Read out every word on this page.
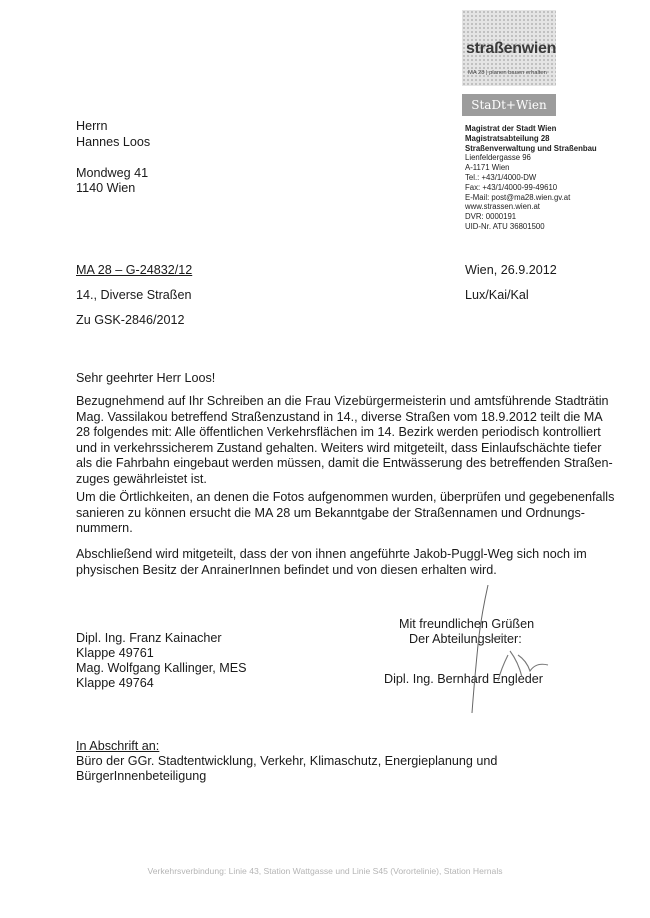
straßenwien
MA 28 | planen bauen erhalten
StaDt+Wien
Magistrat der Stadt Wien
Magistratsabteilung 28
Straßenverwaltung und Straßenbau
Lienfeldergasse 96
A-1171 Wien
Tel.: +43/1/4000-DW
Fax: +43/1/4000-99-49610
E-Mail: post@ma28.wien.gv.at
www.strassen.wien.at
DVR: 0000191
UID-Nr. ATU 36801500
Herrn
Hannes Loos
Mondweg 41
1140 Wien
MA 28 – G-24832/12
14., Diverse Straßen
Zu GSK-2846/2012
Wien, 26.9.2012
Lux/Kai/Kal
Sehr geehrter Herr Loos!
Bezugnehmend auf Ihr Schreiben an die Frau Vizebürgermeisterin und amtsführende Stadträtin
Mag. Vassilakou betreffend Straßenzustand in 14., diverse Straßen vom 18.9.2012 teilt die MA
28 folgendes mit: Alle öffentlichen Verkehrsflächen im 14. Bezirk werden periodisch kontrolliert
und in verkehrssicherem Zustand gehalten. Weiters wird mitgeteilt, dass Einlaufschächte tiefer
als die Fahrbahn eingebaut werden müssen, damit die Entwässerung des betreffenden Straßen-
zuges gewährleistet ist.
Um die Örtlichkeiten, an denen die Fotos aufgenommen wurden, überprüfen und gegebenenfalls
sanieren zu können ersucht die MA 28 um Bekanntgabe der Straßennamen und Ordnungs-
nummern.
Abschließend wird mitgeteilt, dass der von ihnen angeführte Jakob-Puggl-Weg sich noch im
physischen Besitz der AnrainerInnen befindet und von diesen erhalten wird.
Dipl. Ing. Franz Kainacher
Klappe 49761
Mag. Wolfgang Kallinger, MES
Klappe 49764
Mit freundlichen Grüßen
Der Abteilungsleiter:
Dipl. Ing. Bernhard Engleder
In Abschrift an:
Büro der GGr. Stadtentwicklung, Verkehr, Klimaschutz, Energieplanung und
BürgerInnenbeteiligung
Verkehrsverbindung: Linie 43, Station Wattgasse und Linie S45 (Vorortelinie), Station Hernals
